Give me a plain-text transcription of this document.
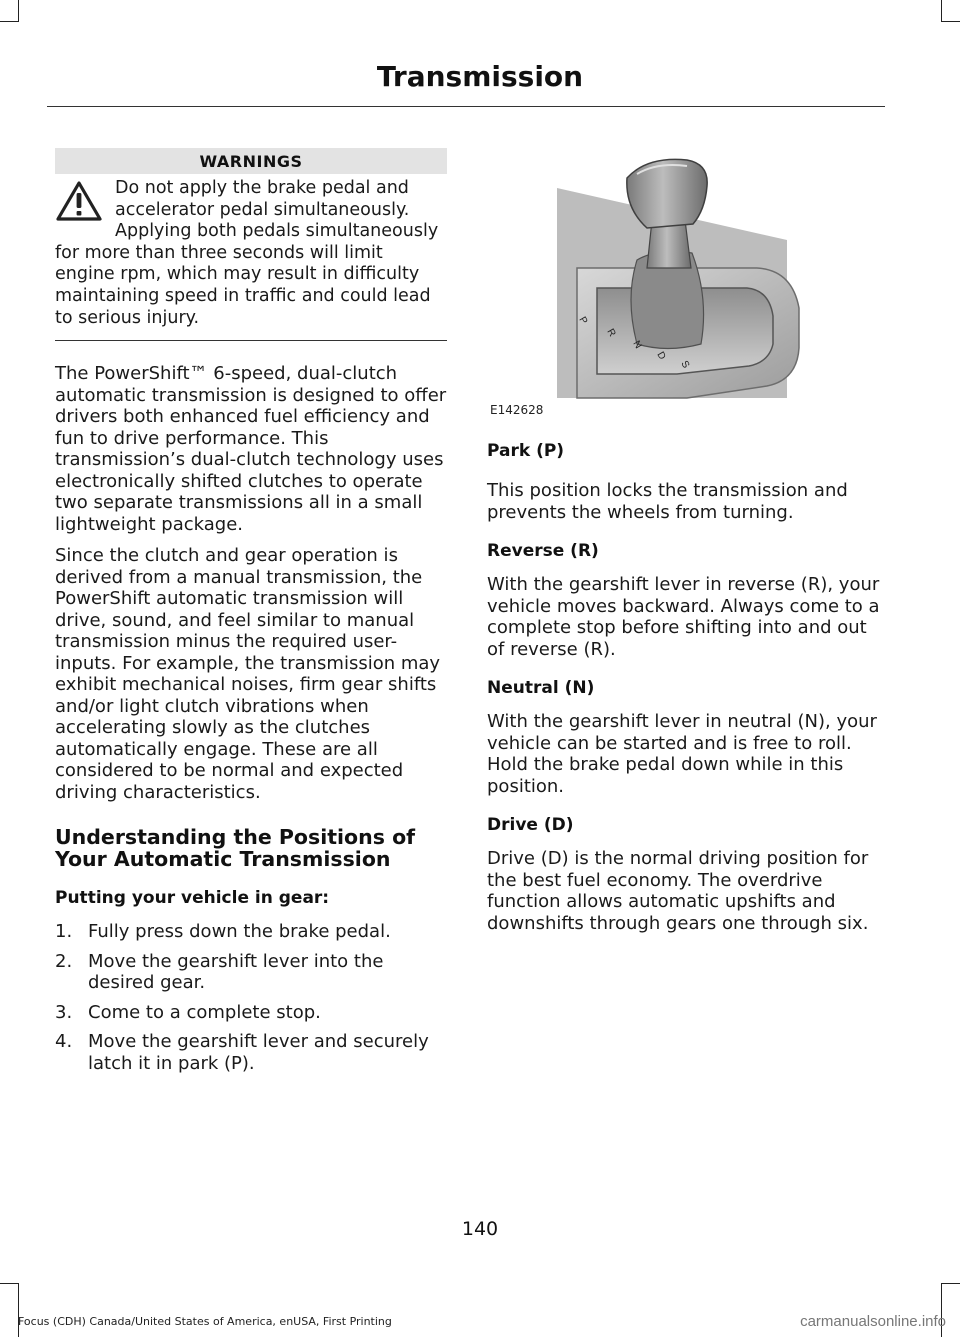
Transmission
WARNINGS
Do not apply the brake pedal and accelerator pedal simultaneously. Applying both pedals simultaneously for more than three seconds will limit engine rpm, which may result in difficulty maintaining speed in traffic and could lead to serious injury.

The PowerShift™ 6-speed, dual-clutch automatic transmission is designed to offer drivers both enhanced fuel efficiency and fun to drive performance. This transmission’s dual-clutch technology uses electronically shifted clutches to operate two separate transmissions all in a small lightweight package.

Since the clutch and gear operation is derived from a manual transmission, the PowerShift automatic transmission will drive, sound, and feel similar to manual transmission minus the required user-inputs. For example, the transmission may exhibit mechanical noises, firm gear shifts and/or light clutch vibrations when accelerating slowly as the clutches automatically engage. These are all considered to be normal and expected driving characteristics.

Understanding the Positions of Your Automatic Transmission
Putting your vehicle in gear:
1. Fully press down the brake pedal.
2. Move the gearshift lever into the desired gear.
3. Come to a complete stop.
4. Move the gearshift lever and securely latch it in park (P).
P
R
N
D
S
E142628
Park (P)

This position locks the transmission and prevents the wheels from turning.

Reverse (R)

With the gearshift lever in reverse (R), your vehicle moves backward. Always come to a complete stop before shifting into and out of reverse (R).

Neutral (N)

With the gearshift lever in neutral (N), your vehicle can be started and is free to roll. Hold the brake pedal down while in this position.

Drive (D)

Drive (D) is the normal driving position for the best fuel economy. The overdrive function allows automatic upshifts and downshifts through gears one through six.

140
Focus (CDH) Canada/United States of America, enUSA, First Printing	carmanualsonline.info
